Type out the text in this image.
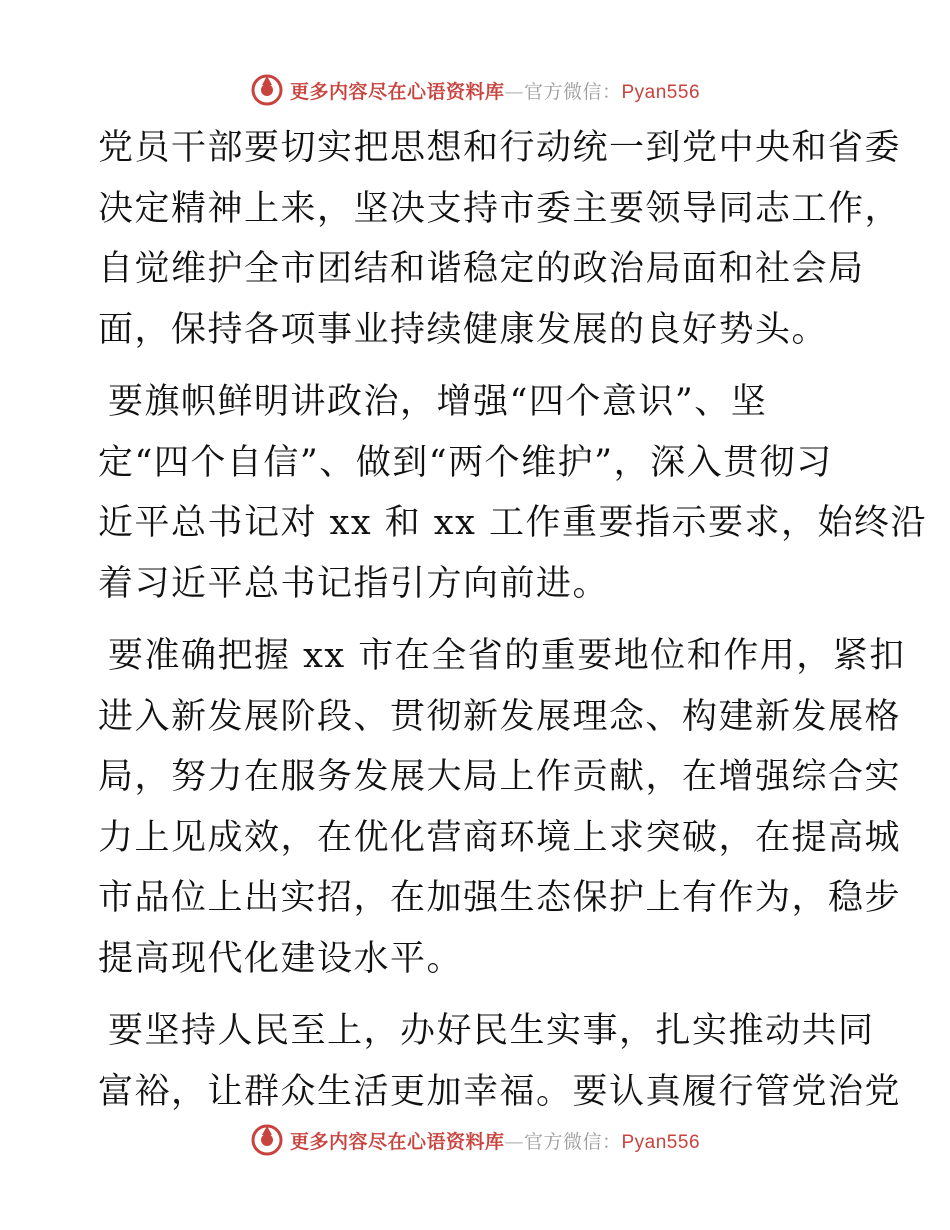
更多内容尽在心语资料库—官方微信：Pyan556

党员干部要切实把思想和行动统一到党中央和省委
决定精神上来，坚决支持市委主要领导同志工作，
自觉维护全市团结和谐稳定的政治局面和社会局
面，保持各项事业持续健康发展的良好势头。

要旗帜鲜明讲政治，增强“四个意识”、坚
定“四个自信”、做到“两个维护”，深入贯彻习
近平总书记对 xx 和 xx 工作重要指示要求，始终沿
着习近平总书记指引方向前进。

要准确把握 xx 市在全省的重要地位和作用，紧扣
进入新发展阶段、贯彻新发展理念、构建新发展格
局，努力在服务发展大局上作贡献，在增强综合实
力上见成效，在优化营商环境上求突破，在提高城
市品位上出实招，在加强生态保护上有作为，稳步
提高现代化建设水平。

要坚持人民至上，办好民生实事，扎实推动共同
富裕，让群众生活更加幸福。要认真履行管党治党

更多内容尽在心语资料库—官方微信：Pyan556
